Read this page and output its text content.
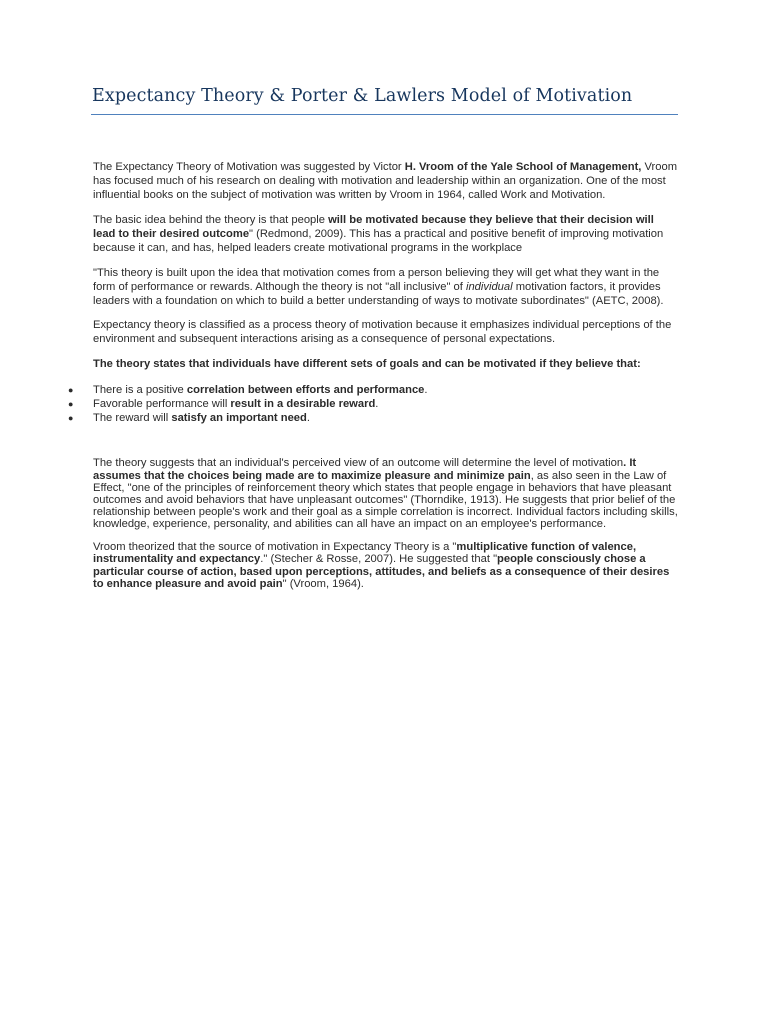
Expectancy Theory & Porter & Lawlers Model of Motivation

The Expectancy Theory of Motivation was suggested by Victor H. Vroom of the Yale School of Management, Vroom has focused much of his research on dealing with motivation and leadership within an organization. One of the most influential books on the subject of motivation was written by Vroom in 1964, called Work and Motivation.

The basic idea behind the theory is that people will be motivated because they believe that their decision will lead to their desired outcome" (Redmond, 2009). This has a practical and positive benefit of improving motivation because it can, and has, helped leaders create motivational programs in the workplace

"This theory is built upon the idea that motivation comes from a person believing they will get what they want in the form of performance or rewards. Although the theory is not "all inclusive" of individual motivation factors, it provides leaders with a foundation on which to build a better understanding of ways to motivate subordinates" (AETC, 2008).

Expectancy theory is classified as a process theory of motivation because it emphasizes individual perceptions of the environment and subsequent interactions arising as a consequence of personal expectations.

The theory states that individuals have different sets of goals and can be motivated if they believe that:

● There is a positive correlation between efforts and performance.
● Favorable performance will result in a desirable reward.
● The reward will satisfy an important need.

The theory suggests that an individual's perceived view of an outcome will determine the level of motivation. It assumes that the choices being made are to maximize pleasure and minimize pain, as also seen in the Law of Effect, "one of the principles of reinforcement theory which states that people engage in behaviors that have pleasant outcomes and avoid behaviors that have unpleasant outcomes" (Thorndike, 1913). He suggests that prior belief of the relationship between people's work and their goal as a simple correlation is incorrect. Individual factors including skills, knowledge, experience, personality, and abilities can all have an impact on an employee's performance.

Vroom theorized that the source of motivation in Expectancy Theory is a "multiplicative function of valence, instrumentality and expectancy." (Stecher & Rosse, 2007). He suggested that "people consciously chose a particular course of action, based upon perceptions, attitudes, and beliefs as a consequence of their desires to enhance pleasure and avoid pain" (Vroom, 1964).
